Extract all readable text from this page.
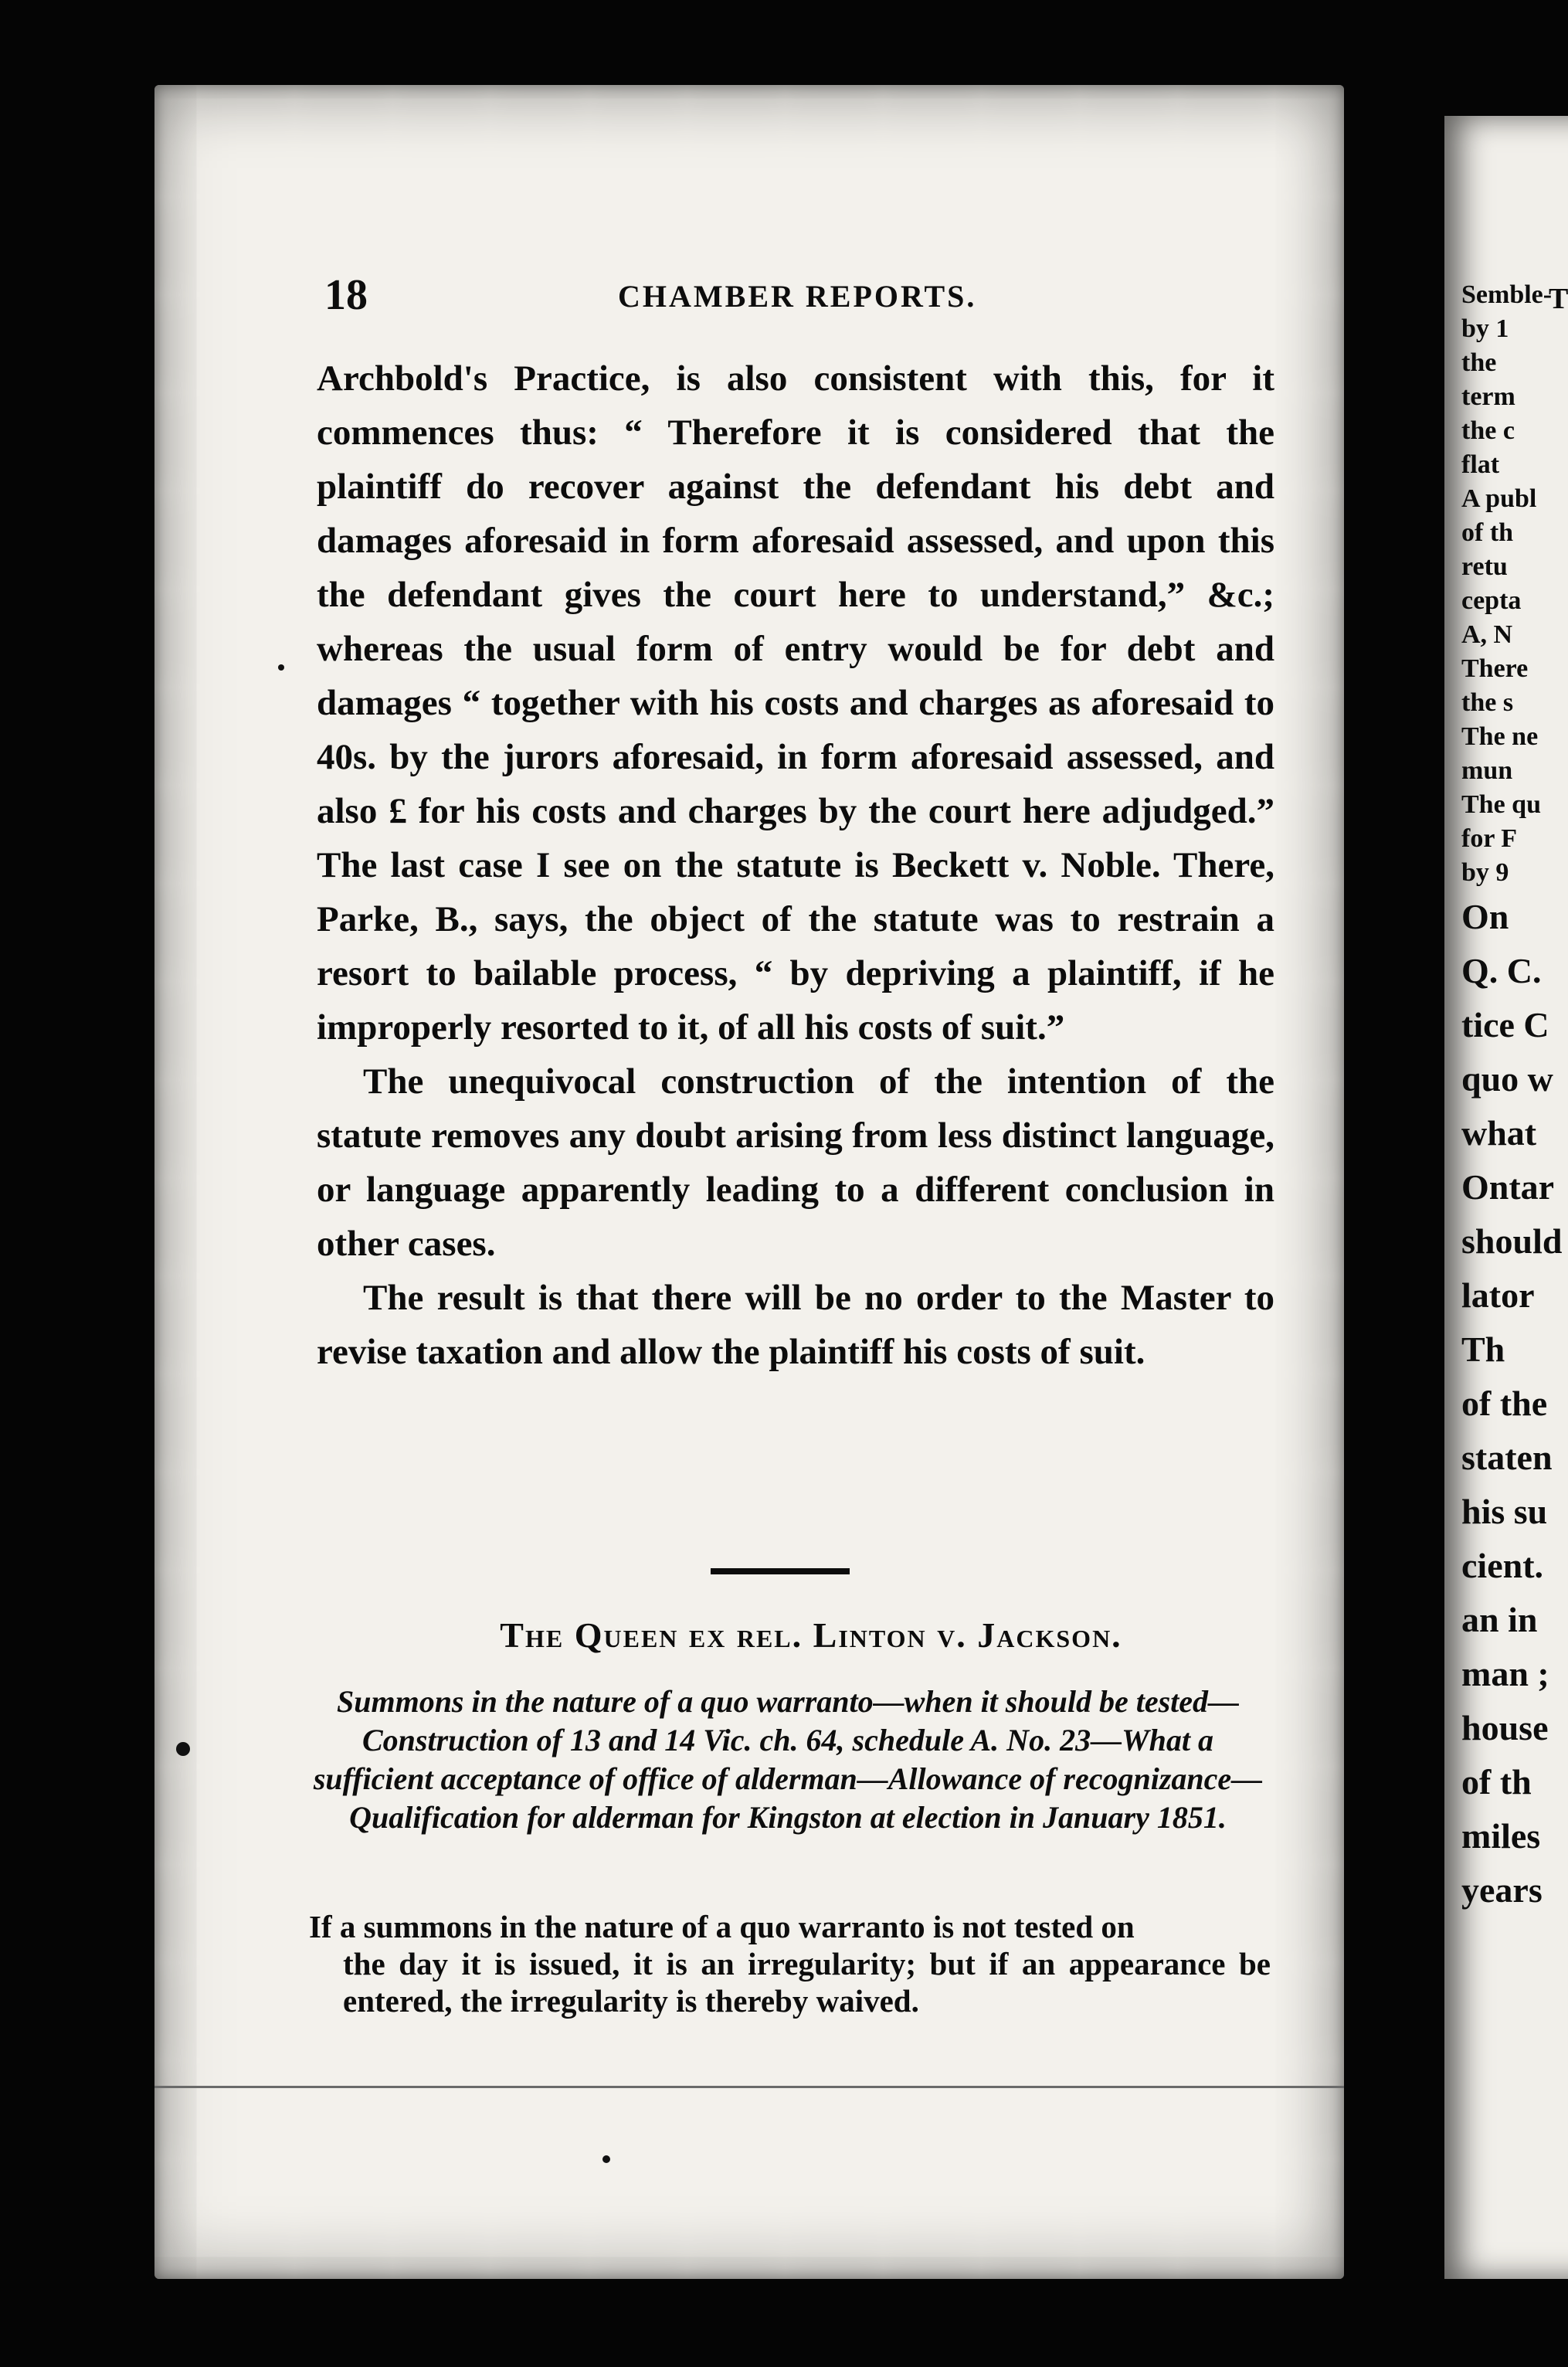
18	CHAMBER REPORTS.

Archbold's Practice, is also consistent with this, for it commences thus: “ Therefore it is considered that the plaintiff do recover against the defendant his debt and damages aforesaid in form aforesaid assessed, and upon this the defendant gives the court here to understand,” &c.; whereas the usual form of entry would be for debt and damages “ together with his costs and charges as aforesaid to 40s. by the jurors aforesaid, in form aforesaid assessed, and also £ for his costs and charges by the court here adjudged.” The last case I see on the statute is Beckett v. Noble. There, Parke, B., says, the object of the statute was to restrain a resort to bailable process, “ by depriving a plaintiff, if he improperly resorted to it, of all his costs of suit.”

The unequivocal construction of the intention of the statute removes any doubt arising from less distinct language, or language apparently leading to a different conclusion in other cases.

The result is that there will be no order to the Master to revise taxation and allow the plaintiff his costs of suit.

The Queen ex rel. Linton v. Jackson.
Summons in the nature of a quo warranto—when it should be tested—Construction of 13 and 14 Vic. ch. 64, schedule A. No. 23—What a sufficient acceptance of office of alderman—Allowance of recognizance—Qualification for alderman for Kingston at election in January 1851.
If a summons in the nature of a quo warranto is not tested on
the day it is issued, it is an irregularity; but if an appearance be entered, the irregularity is thereby waived.
T
Semble-
by 1
the
term
the c
flat
A publ
of th
retu
cepta
A, N
There
the s
The ne
mun
The qu
for F
by 9
On
Q. C.
tice C
quo w
what
Ontar
should
lator
Th
of the
staten
his su
cient.
an in
man ;
house
of th
miles
years
